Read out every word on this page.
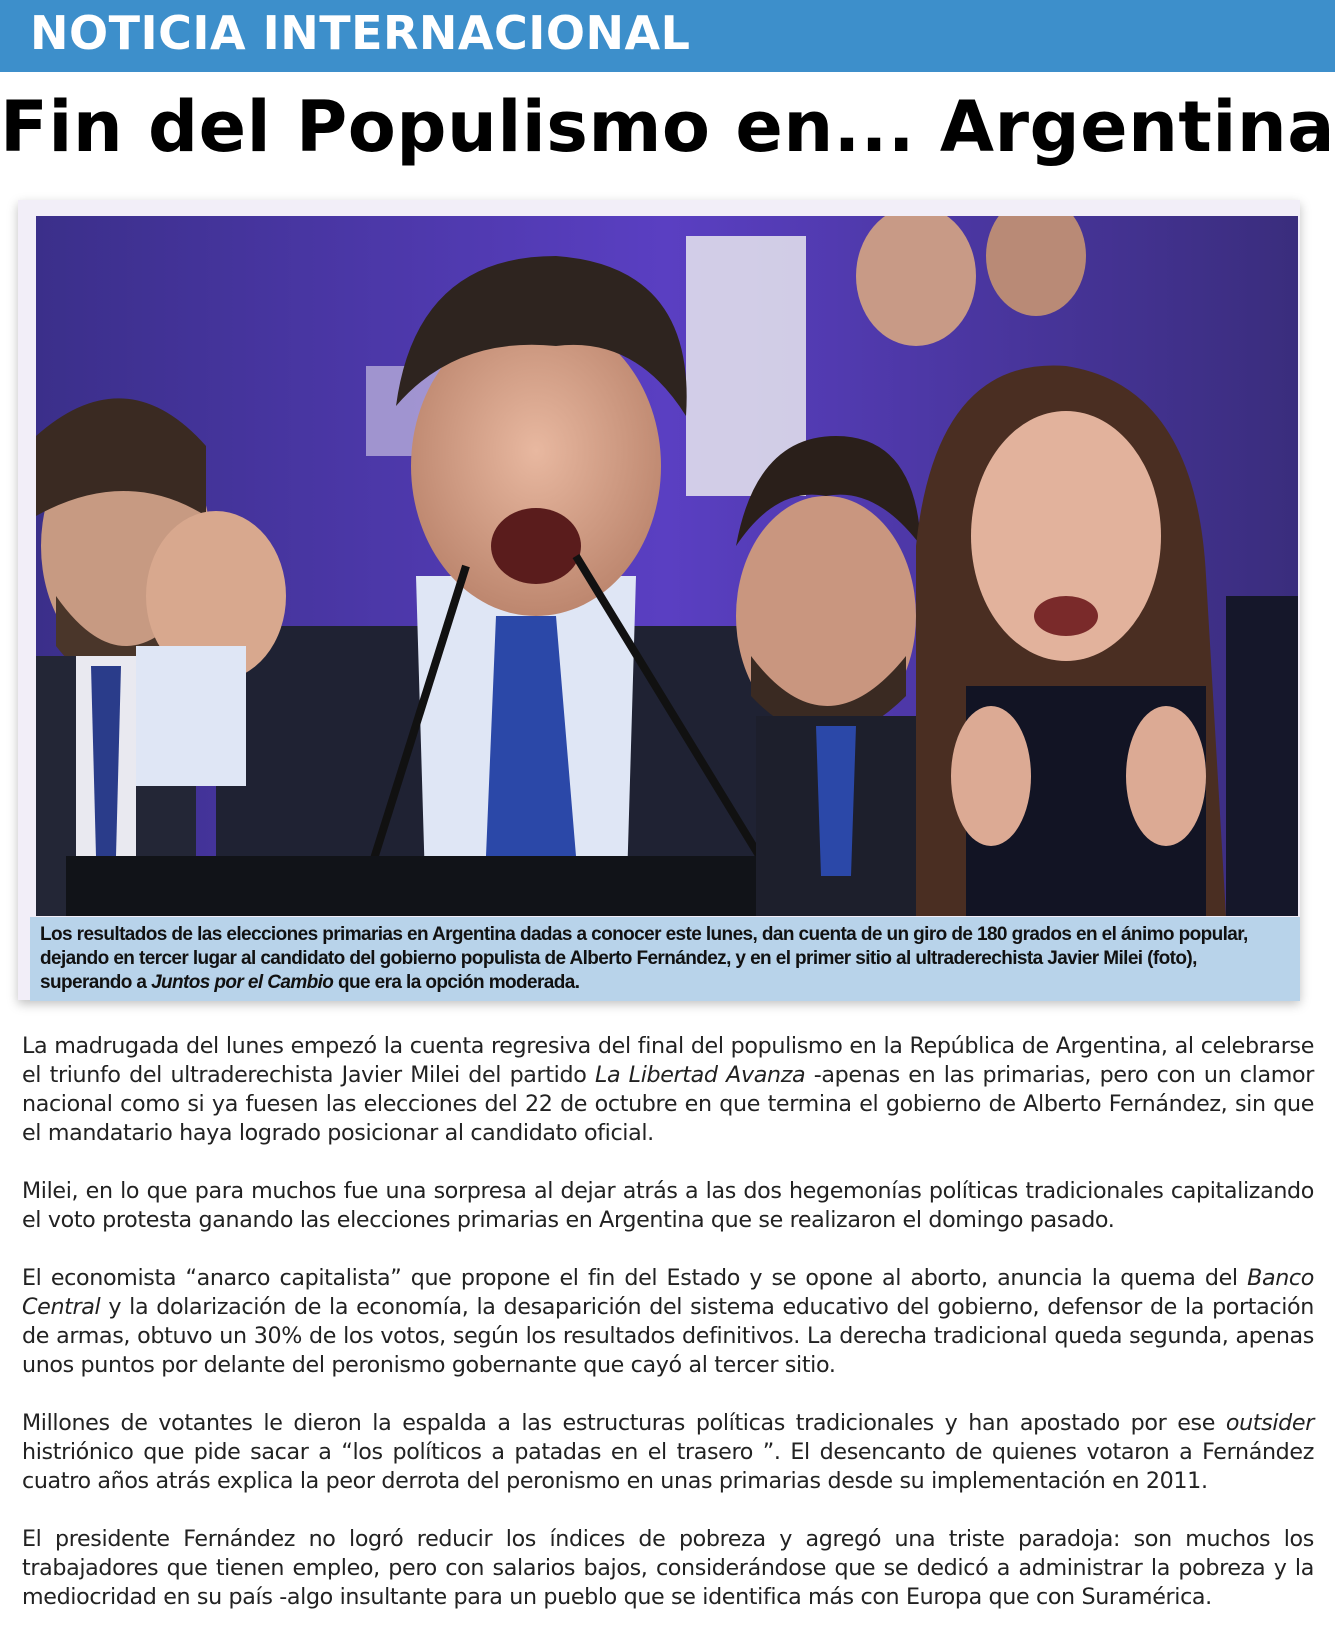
NOTICIA INTERNACIONAL
Fin del Populismo en... Argentina
Los resultados de las elecciones primarias en Argentina dadas a conocer este lunes, dan cuenta de un giro de 180 grados en el ánimo popular, dejando en tercer lugar al candidato del gobierno populista de Alberto Fernández, y en el primer sitio al ultraderechista Javier Milei (foto), superando a Juntos por el Cambio que era la opción moderada.

La madrugada del lunes empezó la cuenta regresiva del final del populismo en la República de Argentina, al celebrarse el triunfo del ultraderechista Javier Milei del partido La Libertad Avanza -apenas en las primarias, pero con un clamor nacional como si ya fuesen las elecciones del 22 de octubre en que termina el gobierno de Alberto Fernández, sin que el mandatario haya logrado posicionar al candidato oficial.

Milei, en lo que para muchos fue una sorpresa al dejar atrás a las dos hegemonías políticas tradicionales capitalizando el voto protesta ganando las elecciones primarias en Argentina que se realizaron el domingo pasado.

El economista “anarco capitalista” que propone el fin del Estado y se opone al aborto, anuncia la quema del Banco Central y la dolarización de la economía, la desaparición del sistema educativo del gobierno, defensor de la portación de armas, obtuvo un 30% de los votos, según los resultados definitivos. La derecha tradicional queda segunda, apenas unos puntos por delante del peronismo gobernante que cayó al tercer sitio.

Millones de votantes le dieron la espalda a las estructuras políticas tradicionales y han apostado por ese outsider histriónico que pide sacar a “los políticos a patadas en el trasero ”. El desencanto de quienes votaron a Fernández cuatro años atrás explica la peor derrota del peronismo en unas primarias desde su implementación en 2011.

El presidente Fernández no logró reducir los índices de pobreza y agregó una triste paradoja: son muchos los trabajadores que tienen empleo, pero con salarios bajos, considerándose que se dedicó a administrar la pobreza y la mediocridad en su país -algo insultante para un pueblo que se identifica más con Europa que con Suramérica.
